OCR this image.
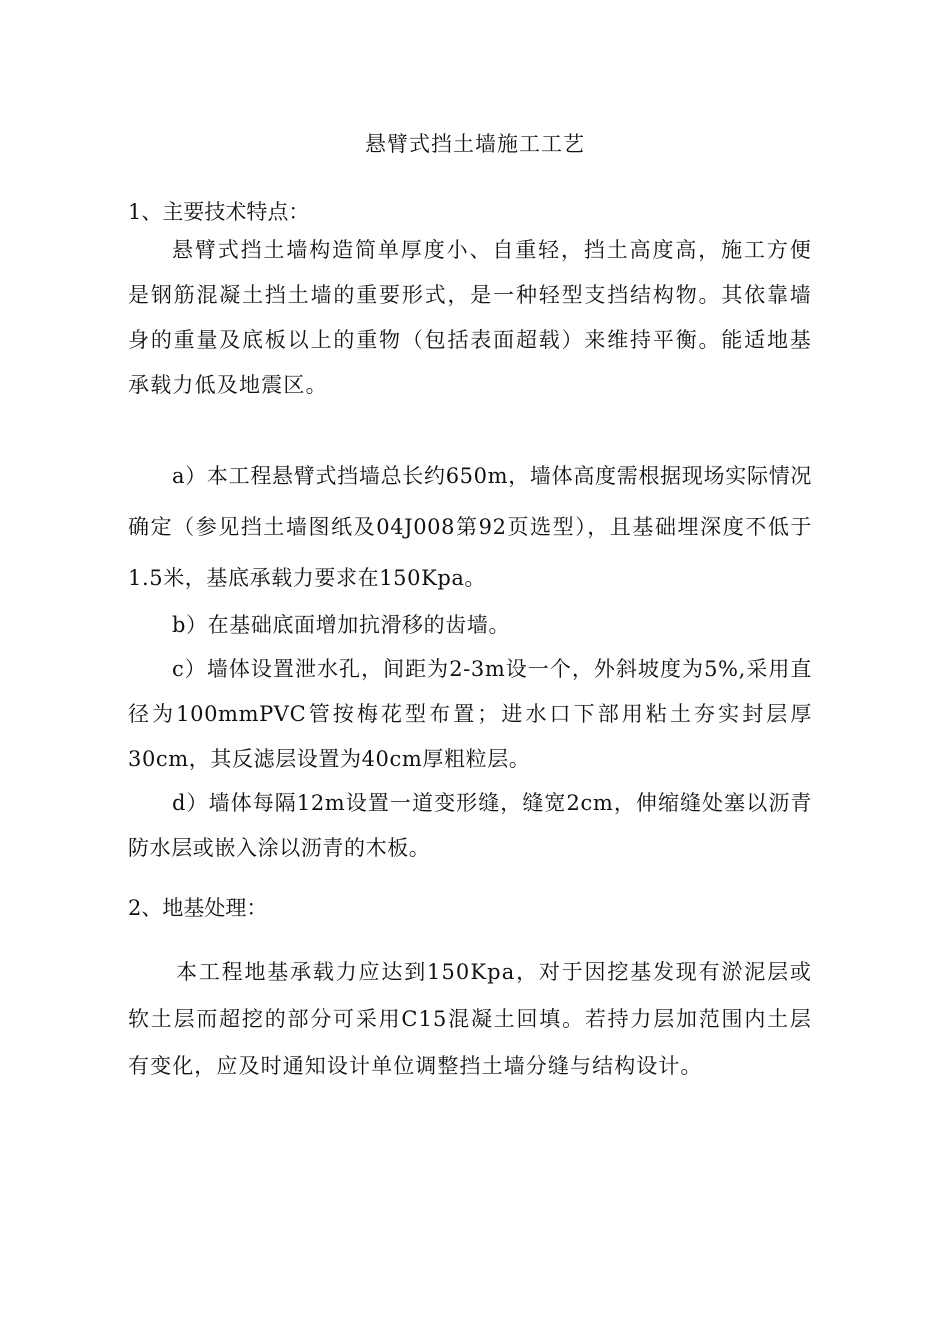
悬臂式挡土墙施工工艺
1、主要技术特点：

悬臂式挡土墙构造简单厚度小、自重轻，挡土高度高，施工方便是钢筋混凝土挡土墙的重要形式，是一种轻型支挡结构物。其依靠墙身的重量及底板以上的重物（包括表面超载）来维持平衡。能适地基承载力低及地震区。

a）本工程悬臂式挡墙总长约650m，墙体高度需根据现场实际情况确定（参见挡土墙图纸及04J008第92页选型），且基础埋深度不低于1.5米，基底承载力要求在150Kpa。

b）在基础底面增加抗滑移的齿墙。

c）墙体设置泄水孔，间距为2-3m设一个，外斜坡度为5%,采用直径为100mmPVC管按梅花型布置；进水口下部用粘土夯实封层厚30cm，其反滤层设置为40cm厚粗粒层。

d）墙体每隔12m设置一道变形缝，缝宽2cm，伸缩缝处塞以沥青防水层或嵌入涂以沥青的木板。

2、地基处理：

本工程地基承载力应达到150Kpa，对于因挖基发现有淤泥层或软土层而超挖的部分可采用C15混凝土回填。若持力层加范围内土层有变化，应及时通知设计单位调整挡土墙分缝与结构设计。
